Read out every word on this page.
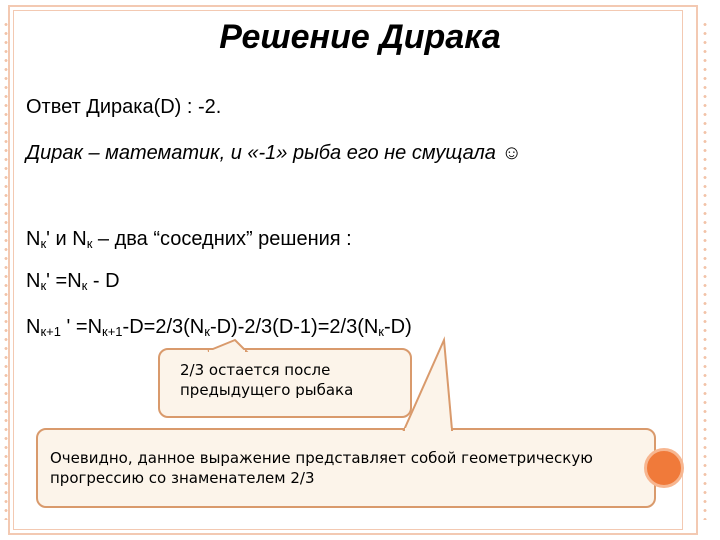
Решение Дирака
Ответ Дирака(D) : -2.
Дирак – математик, и «-1» рыба его не смущала ☺
$N_к'$ и $N_к$ – два “соседних” решения :
$N_к' =N_к - D$
$N_{к+1}$ ' $=N_{к+1}-D=2/3(N_к-D)-2/3(D-1)=2/3(N_к-D)$
2/3 остается после
предыдущего рыбака
Очевидно, данное выражение представляет собой геометрическую
прогрессию со знаменателем 2/3
